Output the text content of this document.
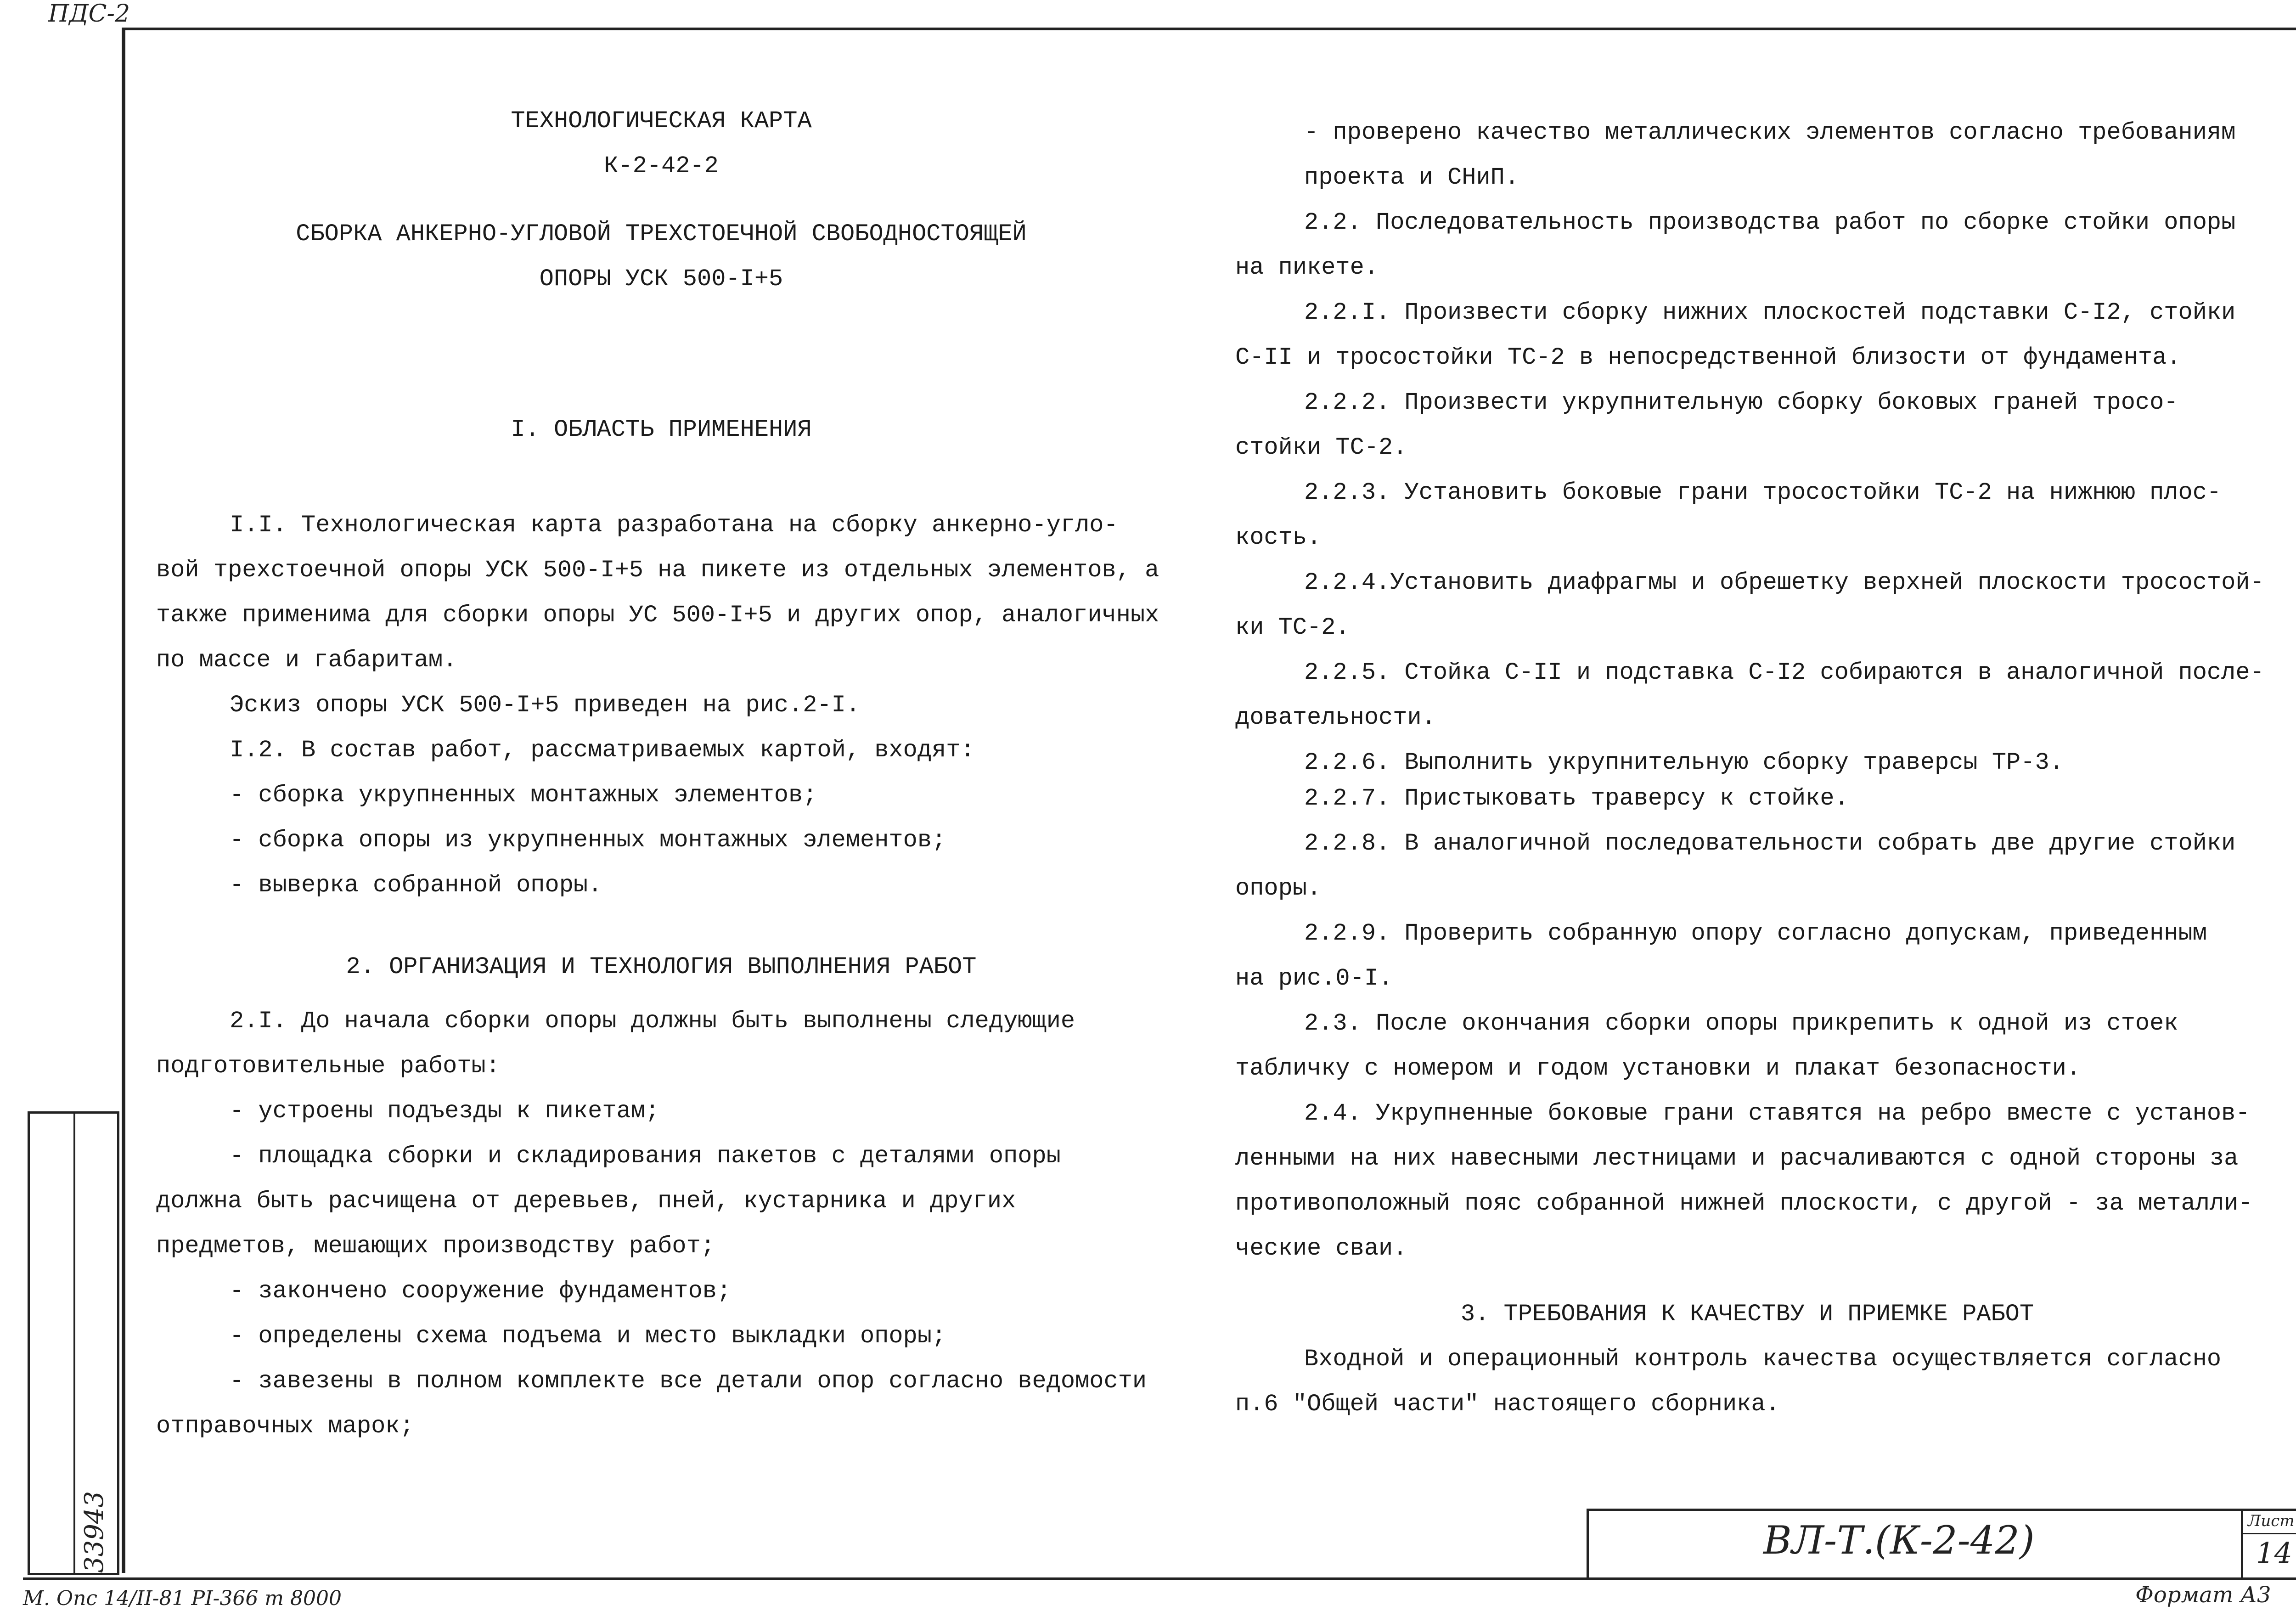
ПДС-2

ТЕХНОЛОГИЧЕСКАЯ КАРТА

К-2-42-2

СБОРКА АНКЕРНО-УГЛОВОЙ ТРЕХСТОЕЧНОЙ СВОБОДНОСТОЯЩЕЙ

ОПОРЫ УСК 500-I+5

I. ОБЛАСТЬ ПРИМЕНЕНИЯ

I.I. Технологическая карта разработана на сборку анкерно-угло-

вой трехстоечной опоры УСК 500-I+5 на пикете из отдельных элементов, а

также применима для сборки опоры УС 500-I+5 и других опор, аналогичных

по массе и габаритам.

Эскиз опоры УСК 500-I+5 приведен на рис.2-I.

I.2. В состав работ, рассматриваемых картой, входят:

- сборка укрупненных монтажных элементов;

- сборка опоры из укрупненных монтажных элементов;

- выверка собранной опоры.

2. ОРГАНИЗАЦИЯ И ТЕХНОЛОГИЯ ВЫПОЛНЕНИЯ РАБОТ

2.I. До начала сборки опоры должны быть выполнены следующие

подготовительные работы:

- устроены подъезды к пикетам;

- площадка сборки и складирования пакетов с деталями опоры

должна быть расчищена от деревьев, пней, кустарника и других

предметов, мешающих производству работ;

- закончено сооружение фундаментов;

- определены схема подъема и место выкладки опоры;

- завезены в полном комплекте все детали опор согласно ведомости

отправочных марок;

- проверено качество металлических элементов согласно требованиям

проекта и СНиП.

2.2. Последовательность производства работ по сборке стойки опоры

на пикете.

2.2.I. Произвести сборку нижних плоскостей подставки С-I2, стойки

С-II и тросостойки ТС-2 в непосредственной близости от фундамента.

2.2.2. Произвести укрупнительную сборку боковых граней тросо-

стойки ТС-2.

2.2.3. Установить боковые грани тросостойки ТС-2 на нижнюю плос-

кость.

2.2.4.Установить диафрагмы и обрешетку верхней плоскости тросостой-

ки ТС-2.

2.2.5. Стойка С-II и подставка С-I2 собираются в аналогичной после-

довательности.

2.2.6. Выполнить укрупнительную сборку траверсы ТР-3.

2.2.7. Пристыковать траверсу к стойке.

2.2.8. В аналогичной последовательности собрать две другие стойки

опоры.

2.2.9. Проверить собранную опору согласно допускам, приведенным

на рис.0-I.

2.3. После окончания сборки опоры прикрепить к одной из стоек

табличку с номером и годом установки и плакат безопасности.

2.4. Укрупненные боковые грани ставятся на ребро вместе с установ-

ленными на них навесными лестницами и расчаливаются с одной стороны за

противоположный пояс собранной нижней плоскости, с другой - за металли-

ческие сваи.

3. ТРЕБОВАНИЯ К КАЧЕСТВУ И ПРИЕМКЕ РАБОТ

Входной и операционный контроль качества осуществляется согласно

п.6 "Общей части" настоящего сборника.

33943	ВЛ-Т.(К-2-42)	Лист
14
М. Опс 14/II-81 РI-366 т 8000	Формат А3
